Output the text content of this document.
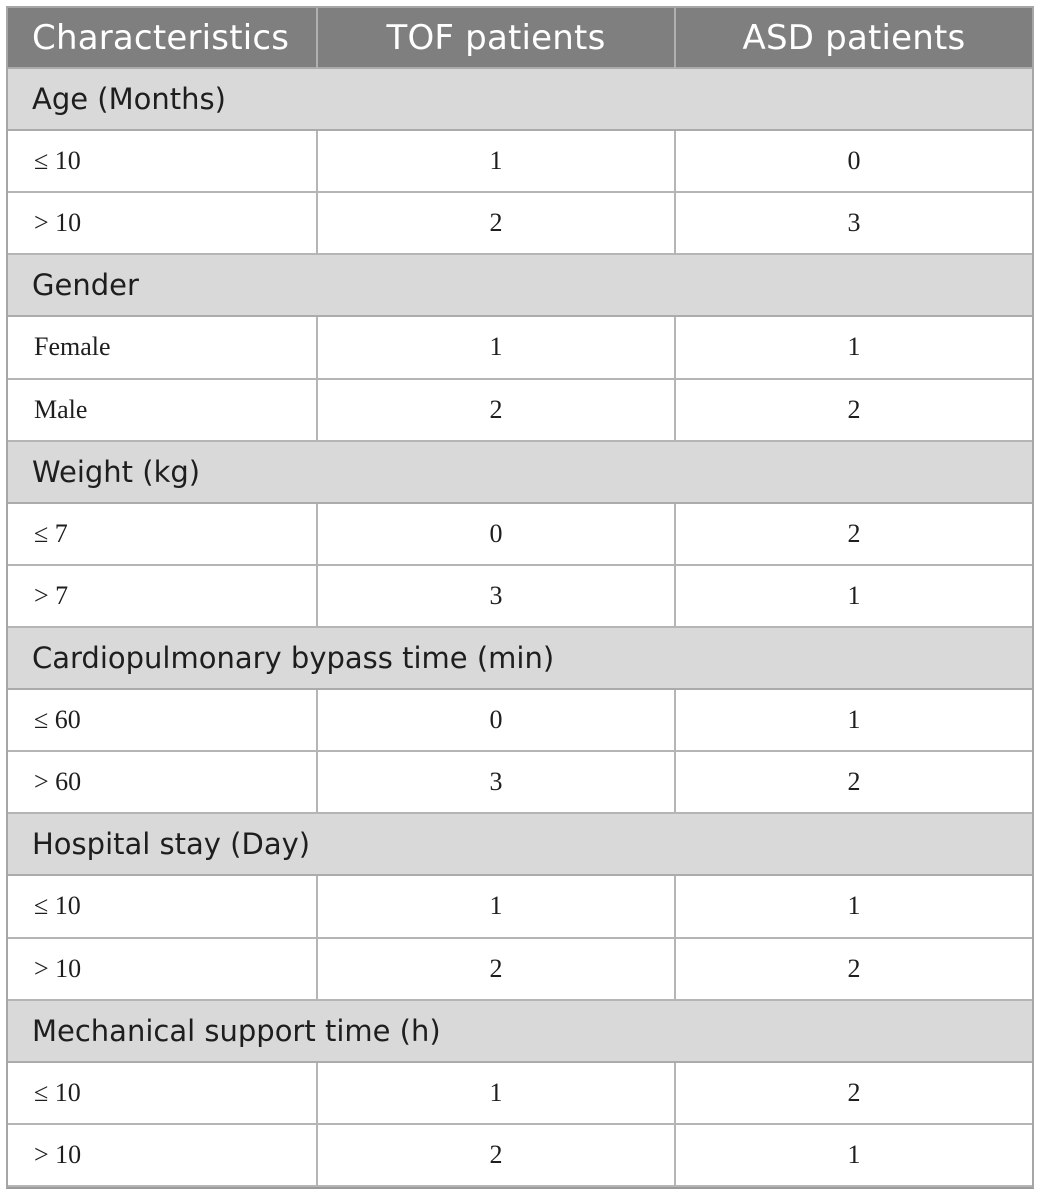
Characteristics	TOF patients	ASD patients
Age (Months)		
≤ 10	1	0
> 10	2	3
Gender		
Female	1	1
Male	2	2
Weight (kg)		
≤ 7	0	2
> 7	3	1
Cardiopulmonary bypass time (min)		
≤ 60	0	1
> 60	3	2
Hospital stay (Day)		
≤ 10	1	1
> 10	2	2
Mechanical support time (h)		
≤ 10	1	2
> 10	2	1
